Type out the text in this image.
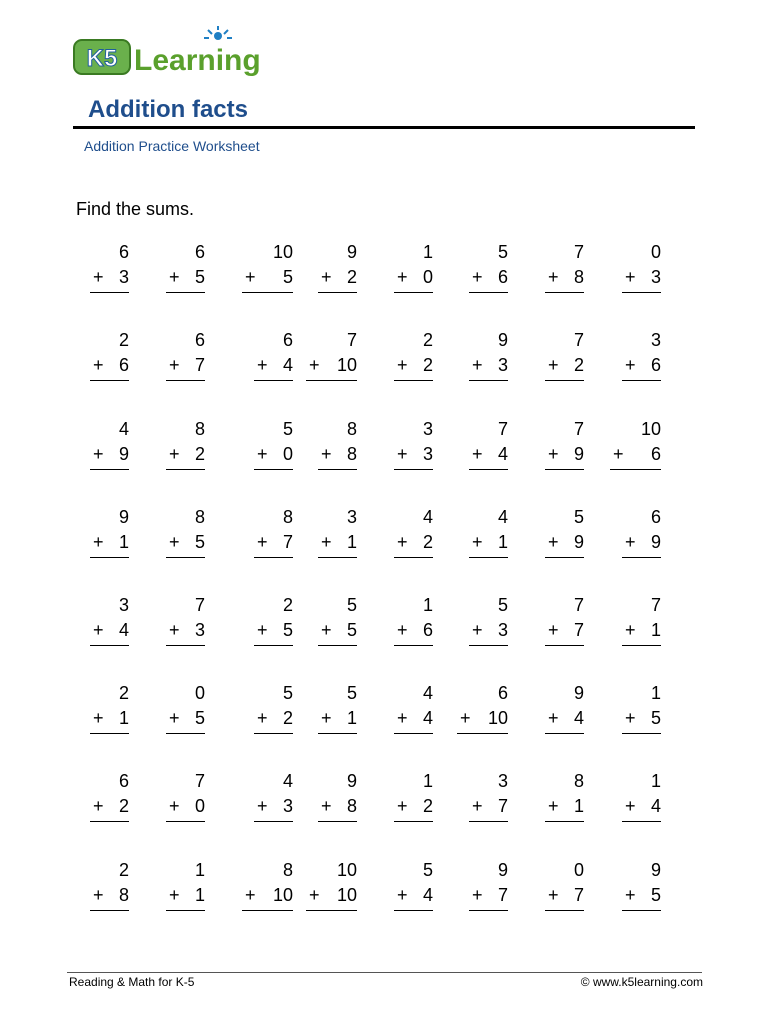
K5 Learning
Addition facts
Addition Practice Worksheet
Find the sums.
6
+ 3
6
+ 5
10
+ 5
9
+ 2
1
+ 0
5
+ 6
7
+ 8
0
+ 3
2
+ 6
6
+ 7
6
+ 4
7
+ 10
2
+ 2
9
+ 3
7
+ 2
3
+ 6
4
+ 9
8
+ 2
5
+ 0
8
+ 8
3
+ 3
7
+ 4
7
+ 9
10
+ 6
9
+ 1
8
+ 5
8
+ 7
3
+ 1
4
+ 2
4
+ 1
5
+ 9
6
+ 9
3
+ 4
7
+ 3
2
+ 5
5
+ 5
1
+ 6
5
+ 3
7
+ 7
7
+ 1
2
+ 1
0
+ 5
5
+ 2
5
+ 1
4
+ 4
6
+ 10
9
+ 4
1
+ 5
6
+ 2
7
+ 0
4
+ 3
9
+ 8
1
+ 2
3
+ 7
8
+ 1
1
+ 4
2
+ 8
1
+ 1
8
+ 10
10
+ 10
5
+ 4
9
+ 7
0
+ 7
9
+ 5
Reading & Math for K-5	© www.k5learning.com
